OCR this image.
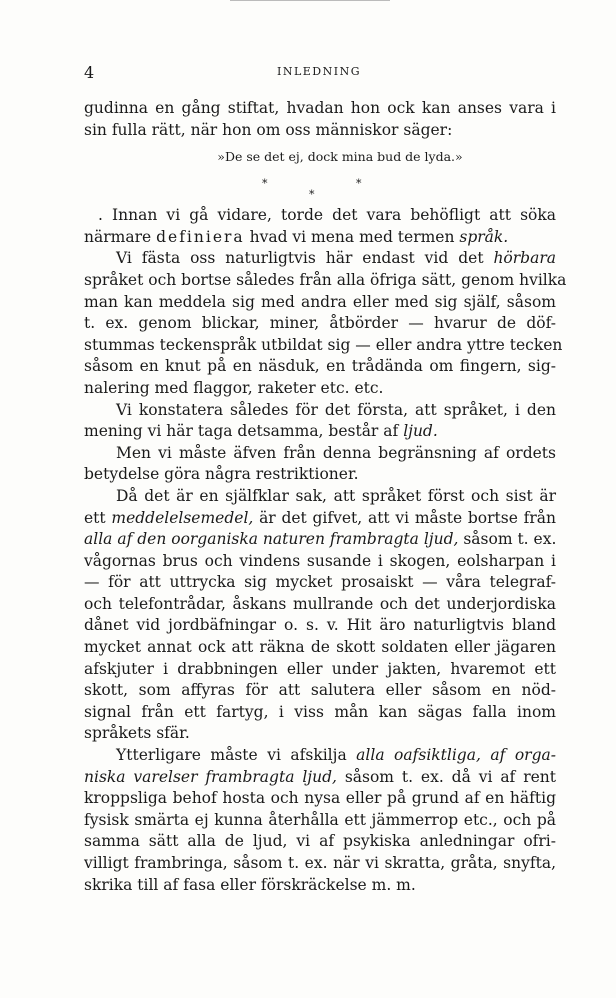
4	INLEDNING
gudinna en gång stiftat, hvadan hon ock kan anses vara i
sin fulla rätt, när hon om oss människor säger:
»De se det ej, dock mina bud de lyda.»
*
*
*
. Innan vi gå vidare, torde det vara behöfligt att söka
närmare definiera hvad vi mena med termen språk.
Vi fästa oss naturligtvis här endast vid det hörbara
språket och bortse således från alla öfriga sätt, genom hvilka
man kan meddela sig med andra eller med sig själf, såsom
t. ex. genom blickar, miner, åtbörder — hvarur de döf-
stummas teckenspråk utbildat sig — eller andra yttre tecken
såsom en knut på en näsduk, en trådända om fingern, sig-
nalering med flaggor, raketer etc. etc.
Vi konstatera således för det första, att språket, i den
mening vi här taga detsamma, består af ljud.
Men vi måste äfven från denna begränsning af ordets
betydelse göra några restriktioner.
Då det är en själfklar sak, att språket först och sist är
ett meddelelsemedel, är det gifvet, att vi måste bortse från
alla af den oorganiska naturen frambragta ljud, såsom t. ex.
vågornas brus och vindens susande i skogen, eolsharpan i
— för att uttrycka sig mycket prosaiskt — våra telegraf-
och telefontrådar, åskans mullrande och det underjordiska
dånet vid jordbäfningar o. s. v. Hit äro naturligtvis bland
mycket annat ock att räkna de skott soldaten eller jägaren
afskjuter i drabbningen eller under jakten, hvaremot ett
skott, som affyras för att salutera eller såsom en nöd-
signal från ett fartyg, i viss mån kan sägas falla inom
språkets sfär.
Ytterligare måste vi afskilja alla oafsiktliga, af orga-
niska varelser frambragta ljud, såsom t. ex. då vi af rent
kroppsliga behof hosta och nysa eller på grund af en häftig
fysisk smärta ej kunna återhålla ett jämmerrop etc., och på
samma sätt alla de ljud, vi af psykiska anledningar ofri-
villigt frambringa, såsom t. ex. när vi skratta, gråta, snyfta,
skrika till af fasa eller förskräckelse m. m.
